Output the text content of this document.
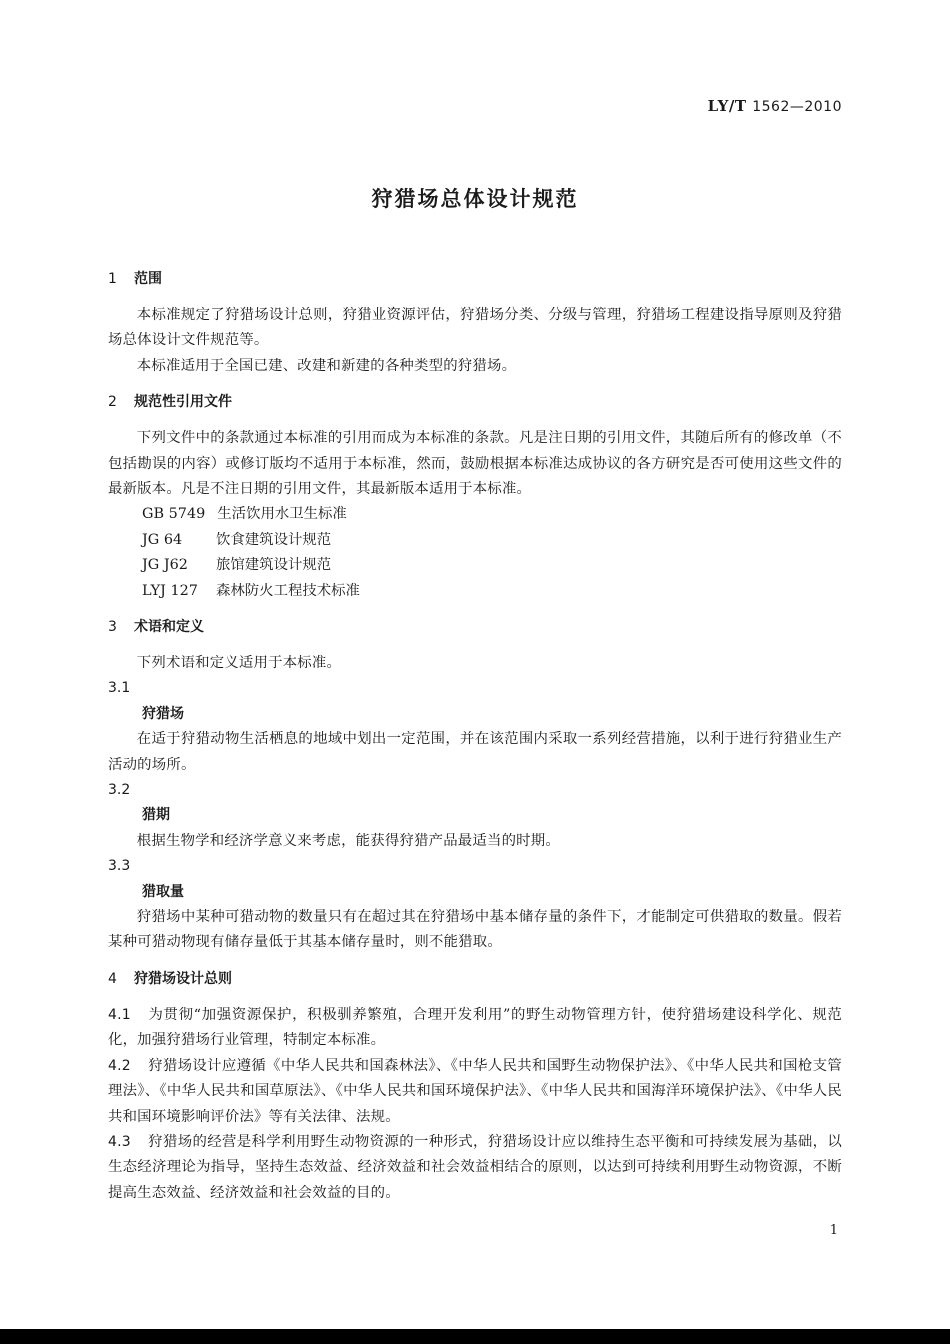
LY/T 1562—2010
狩猎场总体设计规范
1 范围

本标准规定了狩猎场设计总则，狩猎业资源评估，狩猎场分类、分级与管理，狩猎场工程建设指导原则及狩猎场总体设计文件规范等。

本标准适用于全国已建、改建和新建的各种类型的狩猎场。

2 规范性引用文件

下列文件中的条款通过本标准的引用而成为本标准的条款。凡是注日期的引用文件，其随后所有的修改单（不包括勘误的内容）或修订版均不适用于本标准，然而，鼓励根据本标准达成协议的各方研究是否可使用这些文件的最新版本。凡是不注日期的引用文件，其最新版本适用于本标准。

GB 5749 生活饮用水卫生标准
JG 64 饮食建筑设计规范
JG J62 旅馆建筑设计规范
LYJ 127 森林防火工程技术标准
3 术语和定义

下列术语和定义适用于本标准。

3.1
狩猎场

在适于狩猎动物生活栖息的地域中划出一定范围，并在该范围内采取一系列经营措施，以利于进行狩猎业生产活动的场所。

3.2
猎期

根据生物学和经济学意义来考虑，能获得狩猎产品最适当的时期。

3.3
猎取量

狩猎场中某种可猎动物的数量只有在超过其在狩猎场中基本储存量的条件下，才能制定可供猎取的数量。假若某种可猎动物现有储存量低于其基本储存量时，则不能猎取。

4 狩猎场设计总则

4.1 为贯彻“加强资源保护，积极驯养繁殖，合理开发利用”的野生动物管理方针，使狩猎场建设科学化、规范化，加强狩猎场行业管理，特制定本标准。

4.2 狩猎场设计应遵循《中华人民共和国森林法》、《中华人民共和国野生动物保护法》、《中华人民共和国枪支管理法》、《中华人民共和国草原法》、《中华人民共和国环境保护法》、《中华人民共和国海洋环境保护法》、《中华人民共和国环境影响评价法》等有关法律、法规。

4.3 狩猎场的经营是科学利用野生动物资源的一种形式，狩猎场设计应以维持生态平衡和可持续发展为基础，以生态经济理论为指导，坚持生态效益、经济效益和社会效益相结合的原则，以达到可持续利用野生动物资源，不断提高生态效益、经济效益和社会效益的目的。

1
